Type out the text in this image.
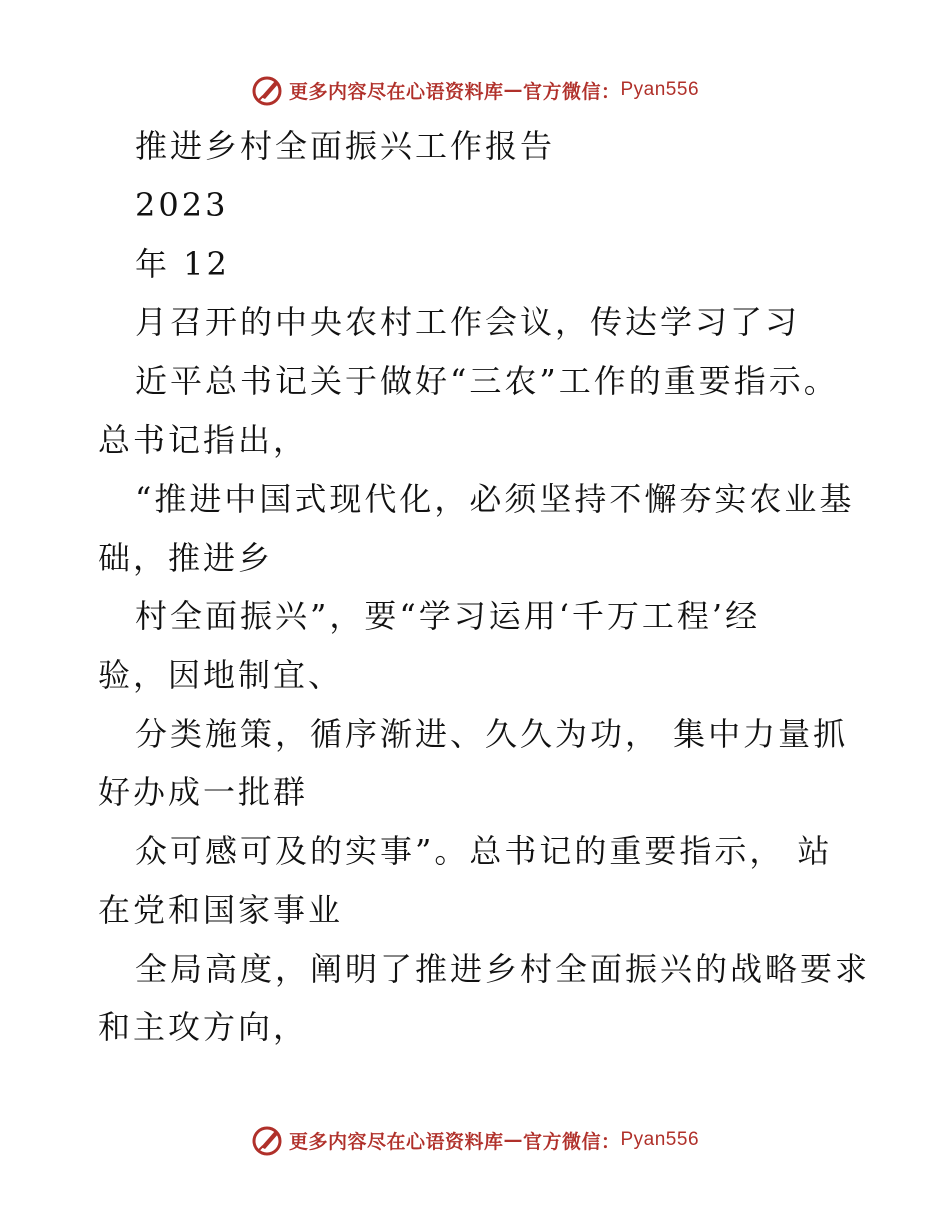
更多内容尽在心语资料库 — 官方微信： Pyan556
推进乡村全面振兴工作报告
2023
年 12
月召开的中央农村工作会议，传达学习了习
近平总书记关于做好“三农”工作的重要指示。
总书记指出，
“推进中国式现代化，必须坚持不懈夯实农业基
础，推进乡
村全面振兴”，要“学习运用‘千万工程’经
验，因地制宜、
分类施策，循序渐进、久久为功， 集中力量抓
好办成一批群
众可感可及的实事”。总书记的重要指示， 站
在党和国家事业
全局高度，阐明了推进乡村全面振兴的战略要求
和主攻方向，
更多内容尽在心语资料库 — 官方微信： Pyan556
